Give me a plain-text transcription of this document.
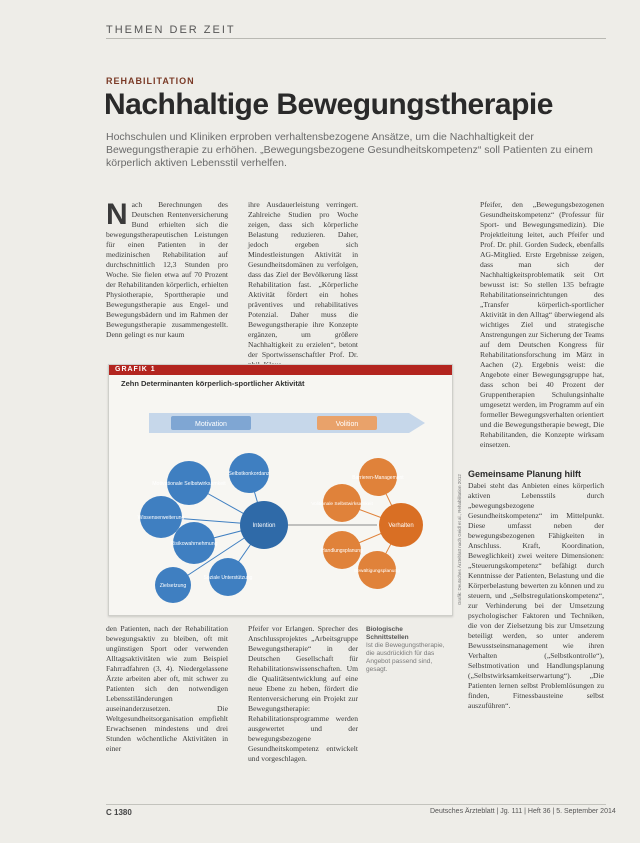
THEMEN DER ZEIT
REHABILITATION
Nachhaltige Bewegungstherapie
Hochschulen und Kliniken erproben verhaltensbezogene Ansätze, um die Nachhaltigkeit der Bewegungstherapie zu erhöhen. „Bewegungsbezogene Gesundheitskompetenz“ soll Patienten zu einem körperlich aktiven Lebensstil verhelfen.
Nach Berechnungen des Deutschen Rentenversicherung Bund erhielten sich die bewegungstherapeutischen Leistungen für einen Patienten in der medizinischen Rehabilitation auf durchschnittlich 12,3 Stunden pro Woche. Sie fielen etwa auf 70 Prozent der Rehabilitanden körperlich, erhielten Physiotherapie, Sporttherapie und Bewegungstherapie aus Engel- und Bewegungsbädern und im Rahmen der Bewegungstherapie zusammengestellt. Denn gelingt es nur kaum
ihre Ausdauerleistung verringert. Zahlreiche Studien pro Woche zeigen, dass sich körperliche Belastung reduzieren. Daher, jedoch ergeben sich Mindestleistungen Aktivität in Gesundheitsdomänen zu verfolgen, dass das Ziel der Bevölkerung lässt Rehabilitation fast. „Körperliche Aktivität fördert ein hohes präventives und rehabilitatives Potenzial. Daher muss die Bewegungstherapie ihre Konzepte ergänzen, um größere Nachhaltigkeit zu erzielen“, betont der Sportwissenschaftler Prof. Dr.
Pfeifer, den „Bewegungsbezogenen Gesundheitskompetenz“ (Professur für Sport- und Bewegungsmedizin). Die Projektleitung leitet, auch Pfeifer und Prof. Dr. phil. Gorden Sudeck, ebenfalls AG-Mitglied. Erste Ergebnisse zeigen, dass man sich der Nachhaltigkeitsproblematik seit Ort bewusst ist: So stellen 135 befragte Rehabilitationseinrichtungen des „Transfer körperlich-sportlicher Aktivität in den Alltag“ überwiegend als wichtiges Ziel und strategische Anstrengungen zur Sicherung der Teams auf dem Deutschen Kongress für Rehabilitationsforschung im März in Aachen (2). Ergebnis weist: die Angebote einer Bewegungsgruppe hat, dass schon bei 40 Prozent der Gruppentherapien Schulungsinhalte umgesetzt werden, im Programm auf ein formeller Bewegungsverhalten orientiert und die Bewegungstherapie bewegt, Die Rehabilitanden, die Konzepte wirksam einsetzen.
Gemeinsame Planung hilft
Dabei steht das Anbieten eines körperlich aktiven Lebensstils durch „bewegungsbezogene Gesundheitskompetenz“ im Mittelpunkt. Diese umfasst neben der bewegungsbezogenen Fähigkeiten in Anschluss. Kraft, Koordination, Beweglichkeit) zwei weitere Dimensionen: „Steuerungskompetenz“ befähigt durch Kenntnisse der Patienten, Belastung und die Körperbelastung bewerten zu können und zu steuern, und „Selbstregulationskompetenz“, zur Verhinderung bei der Umsetzung psychologischer Faktoren und Techniken, die von der Zielsetzung bis zur Umsetzung beteiligt werden, so unter anderem Bewusstseinsmanagement wie ihren Verhalten („Selbstkontrolle“), Selbstmotivation und Handlungsplanung („Selbstwirksamkeitserwartung“). „Die Patienten lernen selbst Problemlösungen zu finden, Fitnessbausteine selbst auszuführen“.
GRAFIK 1
Zehn Determinanten körperlich-sportlicher Aktivität
Motivation	Volition
Motivationale Selbstwirksamkeit
Selbstkonkordanz
Wissenserweiterung
Risikowahrnehmung
Zielsetzung
Soziale Unterstützung
Intention
Barrieren-Management
Volitionale Selbstwirksamkeit
Handlungsplanung
Bewältigungsplanung
Verhalten	Grafik: Deutsches Ärzteblatt nach Geidl et al., Rehabilitation 2012
den Patienten, nach der Rehabilitation bewegungsaktiv zu bleiben, oft mit ungünstigen Sport oder verwenden Alltagsaktivitäten wie zum Beispiel Fahrradfahren (3, 4). Niedergelassene Ärzte arbeiten aber oft, mit schwer zu Patienten sich den notwendigen Lebensstiländerungen auseinanderzusetzen. Die Weltgesundheitsorganisation empfiehlt Erwachsenen mindestens und drei Stunden wöchentliche Aktivitäten in einer
Pfeifer vor Erlangen. Sprecher des Anschlussprojektes „Arbeitsgruppe Bewegungstherapie“ in der Deutschen Gesellschaft für Rehabilitationswissenschaften. Um die Qualitätsentwicklung auf eine neue Ebene zu heben, fördert die Rentenversicherung ein Projekt zur Bewegungstherapie: Rehabilitationsprogramme werden ausgewertet und der bewegungsbezogene Gesundheitskompetenz entwickelt und vorgeschlagen.
Biologische Schnittstellen
Ist die Bewegungstherapie, die ausdrücklich für das Angebot passend sind, gesagt.
C 1380	Deutsches Ärzteblatt | Jg. 111 | Heft 36 | 5. September 2014
